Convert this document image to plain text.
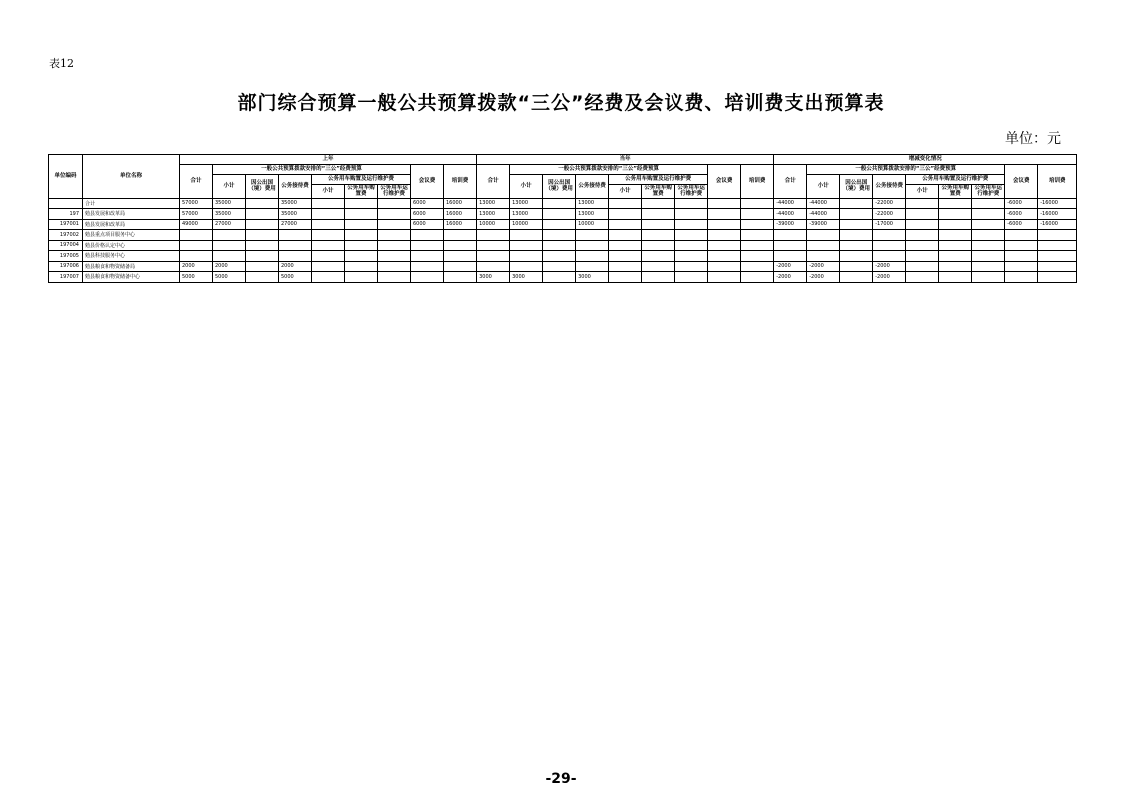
表12
部门综合预算一般公共预算拨款“三公”经费及会议费、培训费支出预算表
单位：元
单位编码	单位名称	上年									当年									增减变化情况								
		合计	一般公共预算拨款安排的“三公”经费预算						会议费	培训费	合计	一般公共预算拨款安排的“三公”经费预算						会议费	培训费	合计	一般公共预算拨款安排的“三公”经费预算						会议费	培训费
			小计	因公出国（境）费用	公务接待费	公务用车购置及运行维护费						小计	因公出国（境）费用	公务接待费	公务用车购置及运行维护费						小计	因公出国（境）费用	公务接待费	公务用车购置及运行维护费				
						小计	公务用车购置费	公务用车运行维护费							小计	公务用车购置费	公务用车运行维护费							小计	公务用车购置费	公务用车运行维护费		

	合计	57000	35000		35000				6000	16000	13000	13000		13000						-44000	-44000		-22000				-6000	-16000
197	勉县发展和改革局	57000	35000		35000				6000	16000	13000	13000		13000						-44000	-44000		-22000				-6000	-16000
197001	勉县发展和改革局	49000	27000		27000				6000	16000	10000	10000		10000						-39000	-39000		-17000				-6000	-16000
197002	勉县重点项目服务中心																											
197004	勉县价格认定中心																											
197005	勉县科技服务中心																											
197006	勉县粮食和物资储备局	2000	2000		2000															-2000	-2000		-2000					
197007	勉县粮食和物资储备中心	5000	5000		5000						3000	3000		3000						-2000	-2000		-2000					
-29-
